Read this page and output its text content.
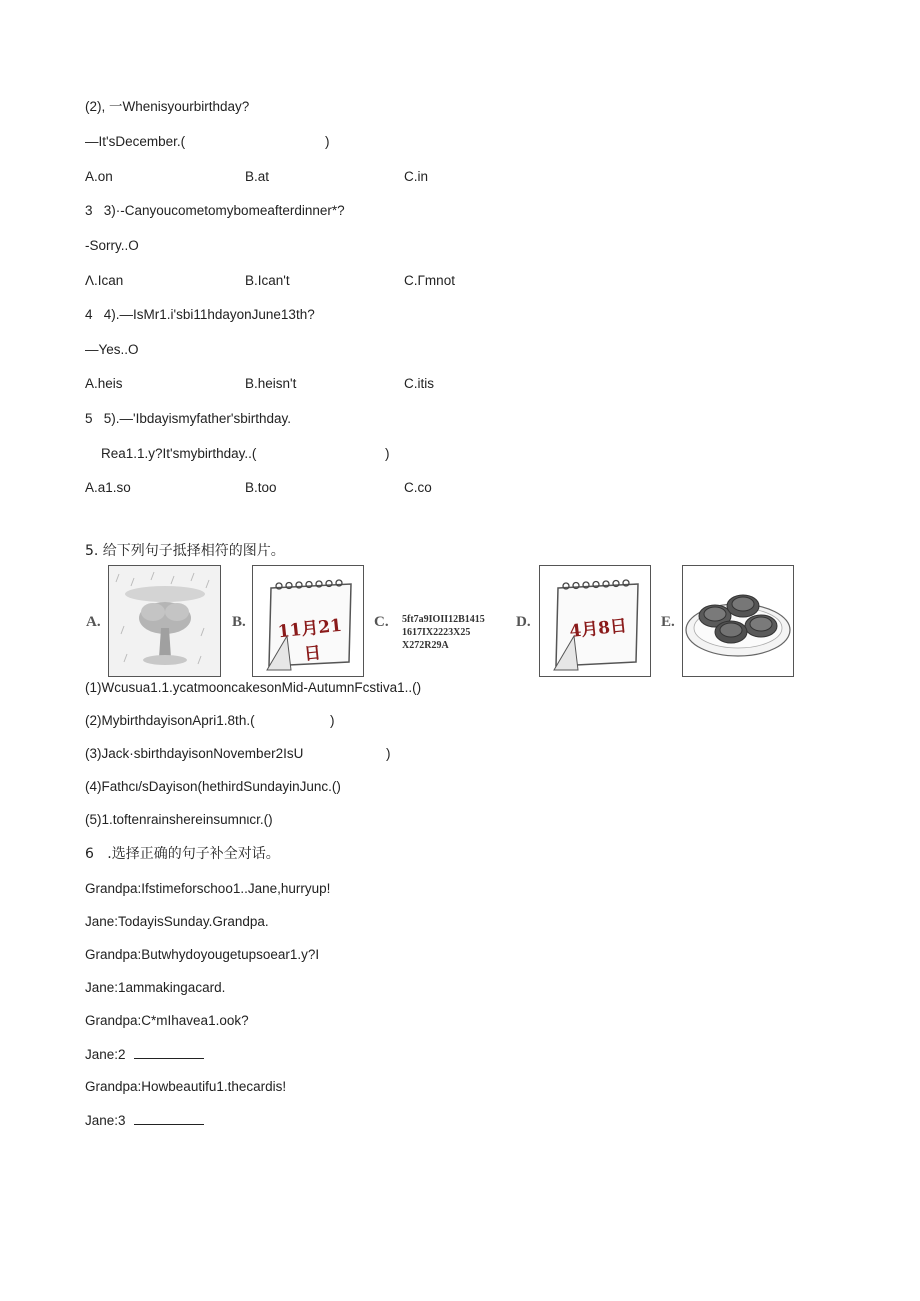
(2), 一Whenisyourbirthday?
—It'sDecember.(	)
A.on	B.at	C.in
3   3)·-Canyoucometomybomeafterdinner*?
-Sorry..O
Λ.Ican	B.Ican't	C.Γmnot
4   4).—IsMr1.i'sbi11hdayonJune13th?
—Yes..O
A.heis	B.heisn't	C.itis
5   5).—'Ibdayismyfather'sbirthday.
Rea1.1.y?It'smybirthday..(	)
A.a1.so	B.too	C.co
5. 给下列句子抵择相符的图片。
A.	B.	11月21日
C. 5ft7a9IOII12B1415
1617IX2223X25
X272R29A
D.	4月8日	E.
(1)Wcusua1.1.ycatmooncakesonMid-AutumnFcstiva1..()
(2)MybirthdayisonApri1.8th.(	)
(3)Jack·sbirthdayisonNovember2IsU	)
(4)Fathcι/sDayison(hethirdSundayinJunc.()
(5)1.toftenrainshereinsumnιcr.()
6   .选择正确的句子补全对话。
Grandpa:Ifstimeforschoo1..Jane,hurryup!
Jane:TodayisSunday.Grandpa.
Grandpa:Butwhydoyougetupsoear1.y?I
Jane:1ammakingacard.
Grandpa:C*mIhavea1.ook?
Jane:2
Grandpa:Howbeautifu1.thecardis!
Jane:3
